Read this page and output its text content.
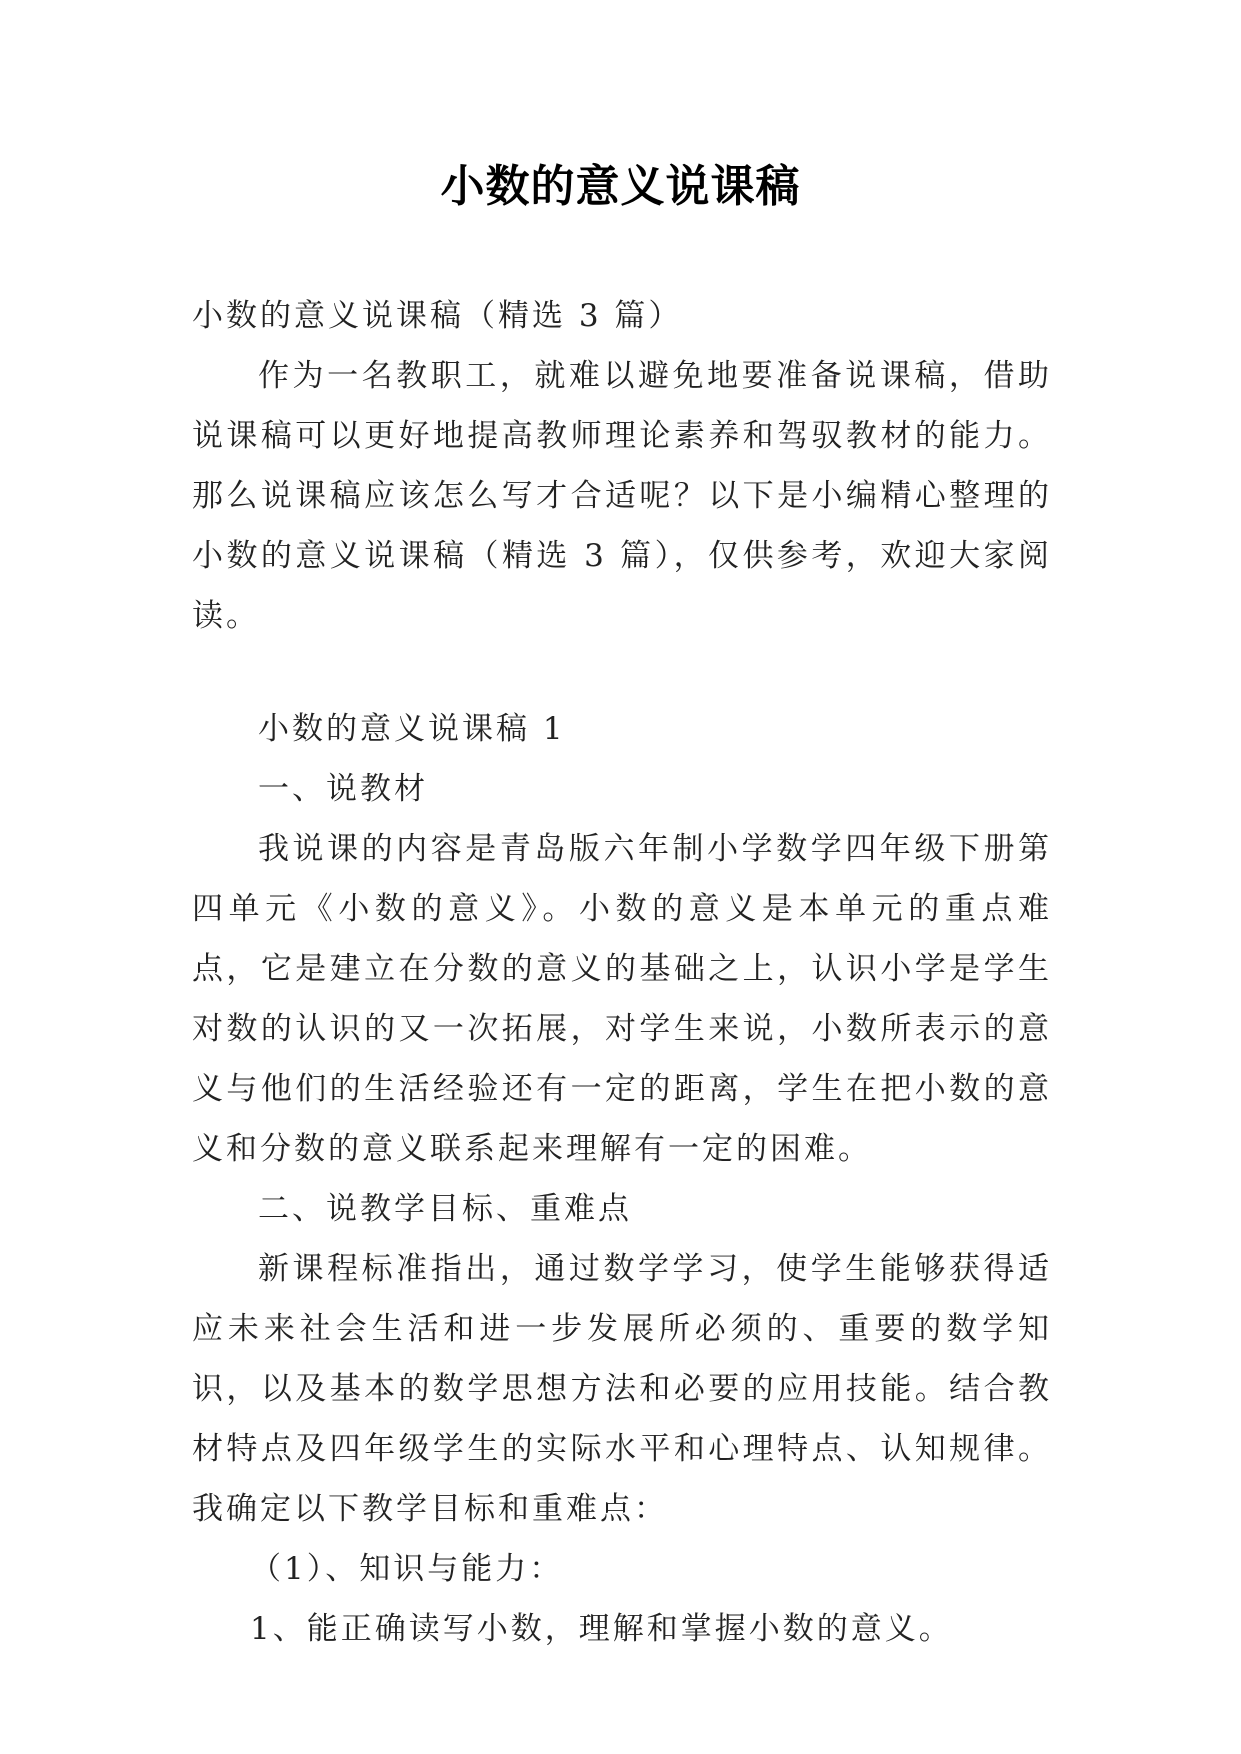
小数的意义说课稿

小数的意义说课稿（精选 3 篇）

作为一名教职工，就难以避免地要准备说课稿，借助说课稿可以更好地提高教师理论素养和驾驭教材的能力。那么说课稿应该怎么写才合适呢？以下是小编精心整理的小数的意义说课稿（精选 3 篇），仅供参考，欢迎大家阅读。

小数的意义说课稿 1

一、说教材

我说课的内容是青岛版六年制小学数学四年级下册第四单元《小数的意义》。小数的意义是本单元的重点难点，它是建立在分数的意义的基础之上，认识小学是学生对数的认识的又一次拓展，对学生来说，小数所表示的意义与他们的生活经验还有一定的距离，学生在把小数的意义和分数的意义联系起来理解有一定的困难。

二、说教学目标、重难点

新课程标准指出，通过数学学习，使学生能够获得适应未来社会生活和进一步发展所必须的、重要的数学知识，以及基本的数学思想方法和必要的应用技能。结合教材特点及四年级学生的实际水平和心理特点、认知规律。我确定以下教学目标和重难点：

（1）、知识与能力：

1、能正确读写小数，理解和掌握小数的意义。
